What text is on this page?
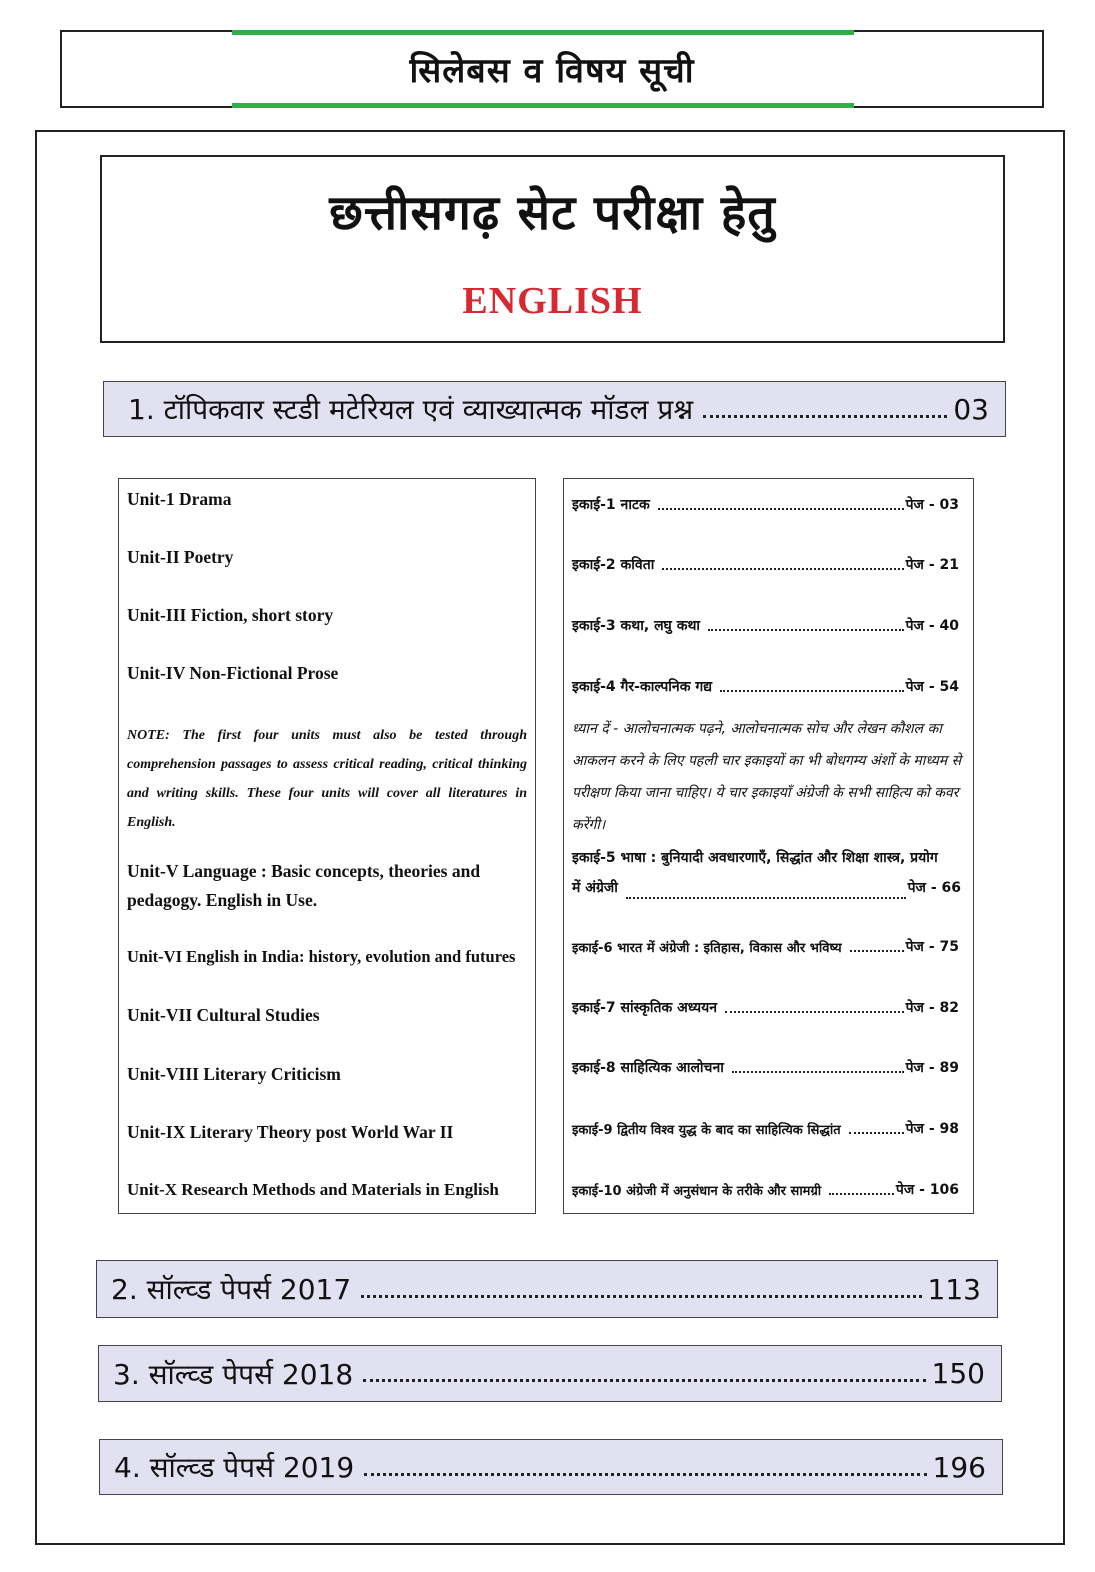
सिलेबस व विषय सूची
छत्तीसगढ़ सेट परीक्षा हेतु
ENGLISH
1. टॉपिकवार स्टडी मटेरियल एवं व्याख्यात्मक मॉडल प्रश्न	03
Unit-1 Drama
Unit-II Poetry
Unit-III Fiction, short story
Unit-IV Non-Fictional Prose
NOTE: The first four units must also be tested through comprehension passages to assess critical reading, critical thinking and writing skills. These four units will cover all literatures in English.
Unit-V Language : Basic concepts, theories and pedagogy. English in Use.
Unit-VI English in India: history, evolution and futures
Unit-VII Cultural Studies
Unit-VIII Literary Criticism
Unit-IX Literary Theory post World War II
Unit-X Research Methods and Materials in English
इकाई-1 नाटक	पेज - 03
इकाई-2 कविता	पेज - 21
इकाई-3 कथा, लघु कथा	पेज - 40
इकाई-4 गैर-काल्पनिक गद्य	पेज - 54
ध्यान दें - आलोचनात्मक पढ़ने, आलोचनात्मक सोच और लेखन कौशल का आकलन करने के लिए पहली चार इकाइयों का भी बोधगम्य अंशों के माध्यम से परीक्षण किया जाना चाहिए। ये चार इकाइयाँ अंग्रेजी के सभी साहित्य को कवर करेंगी।
इकाई-5 भाषा : बुनियादी अवधारणाएँ, सिद्धांत और शिक्षा शास्त्र, प्रयोग
में अंग्रेजी	पेज - 66
इकाई-6 भारत में अंग्रेजी : इतिहास, विकास और भविष्य	पेज - 75
इकाई-7 सांस्कृतिक अध्ययन	पेज - 82
इकाई-8 साहित्यिक आलोचना	पेज - 89
इकाई-9 द्वितीय विश्व युद्ध के बाद का साहित्यिक सिद्धांत	पेज - 98
इकाई-10 अंग्रेजी में अनुसंधान के तरीके और सामग्री	पेज - 106
2. सॉल्व्ड पेपर्स 2017	113
3. सॉल्व्ड पेपर्स 2018	150
4. सॉल्व्ड पेपर्स 2019	196
